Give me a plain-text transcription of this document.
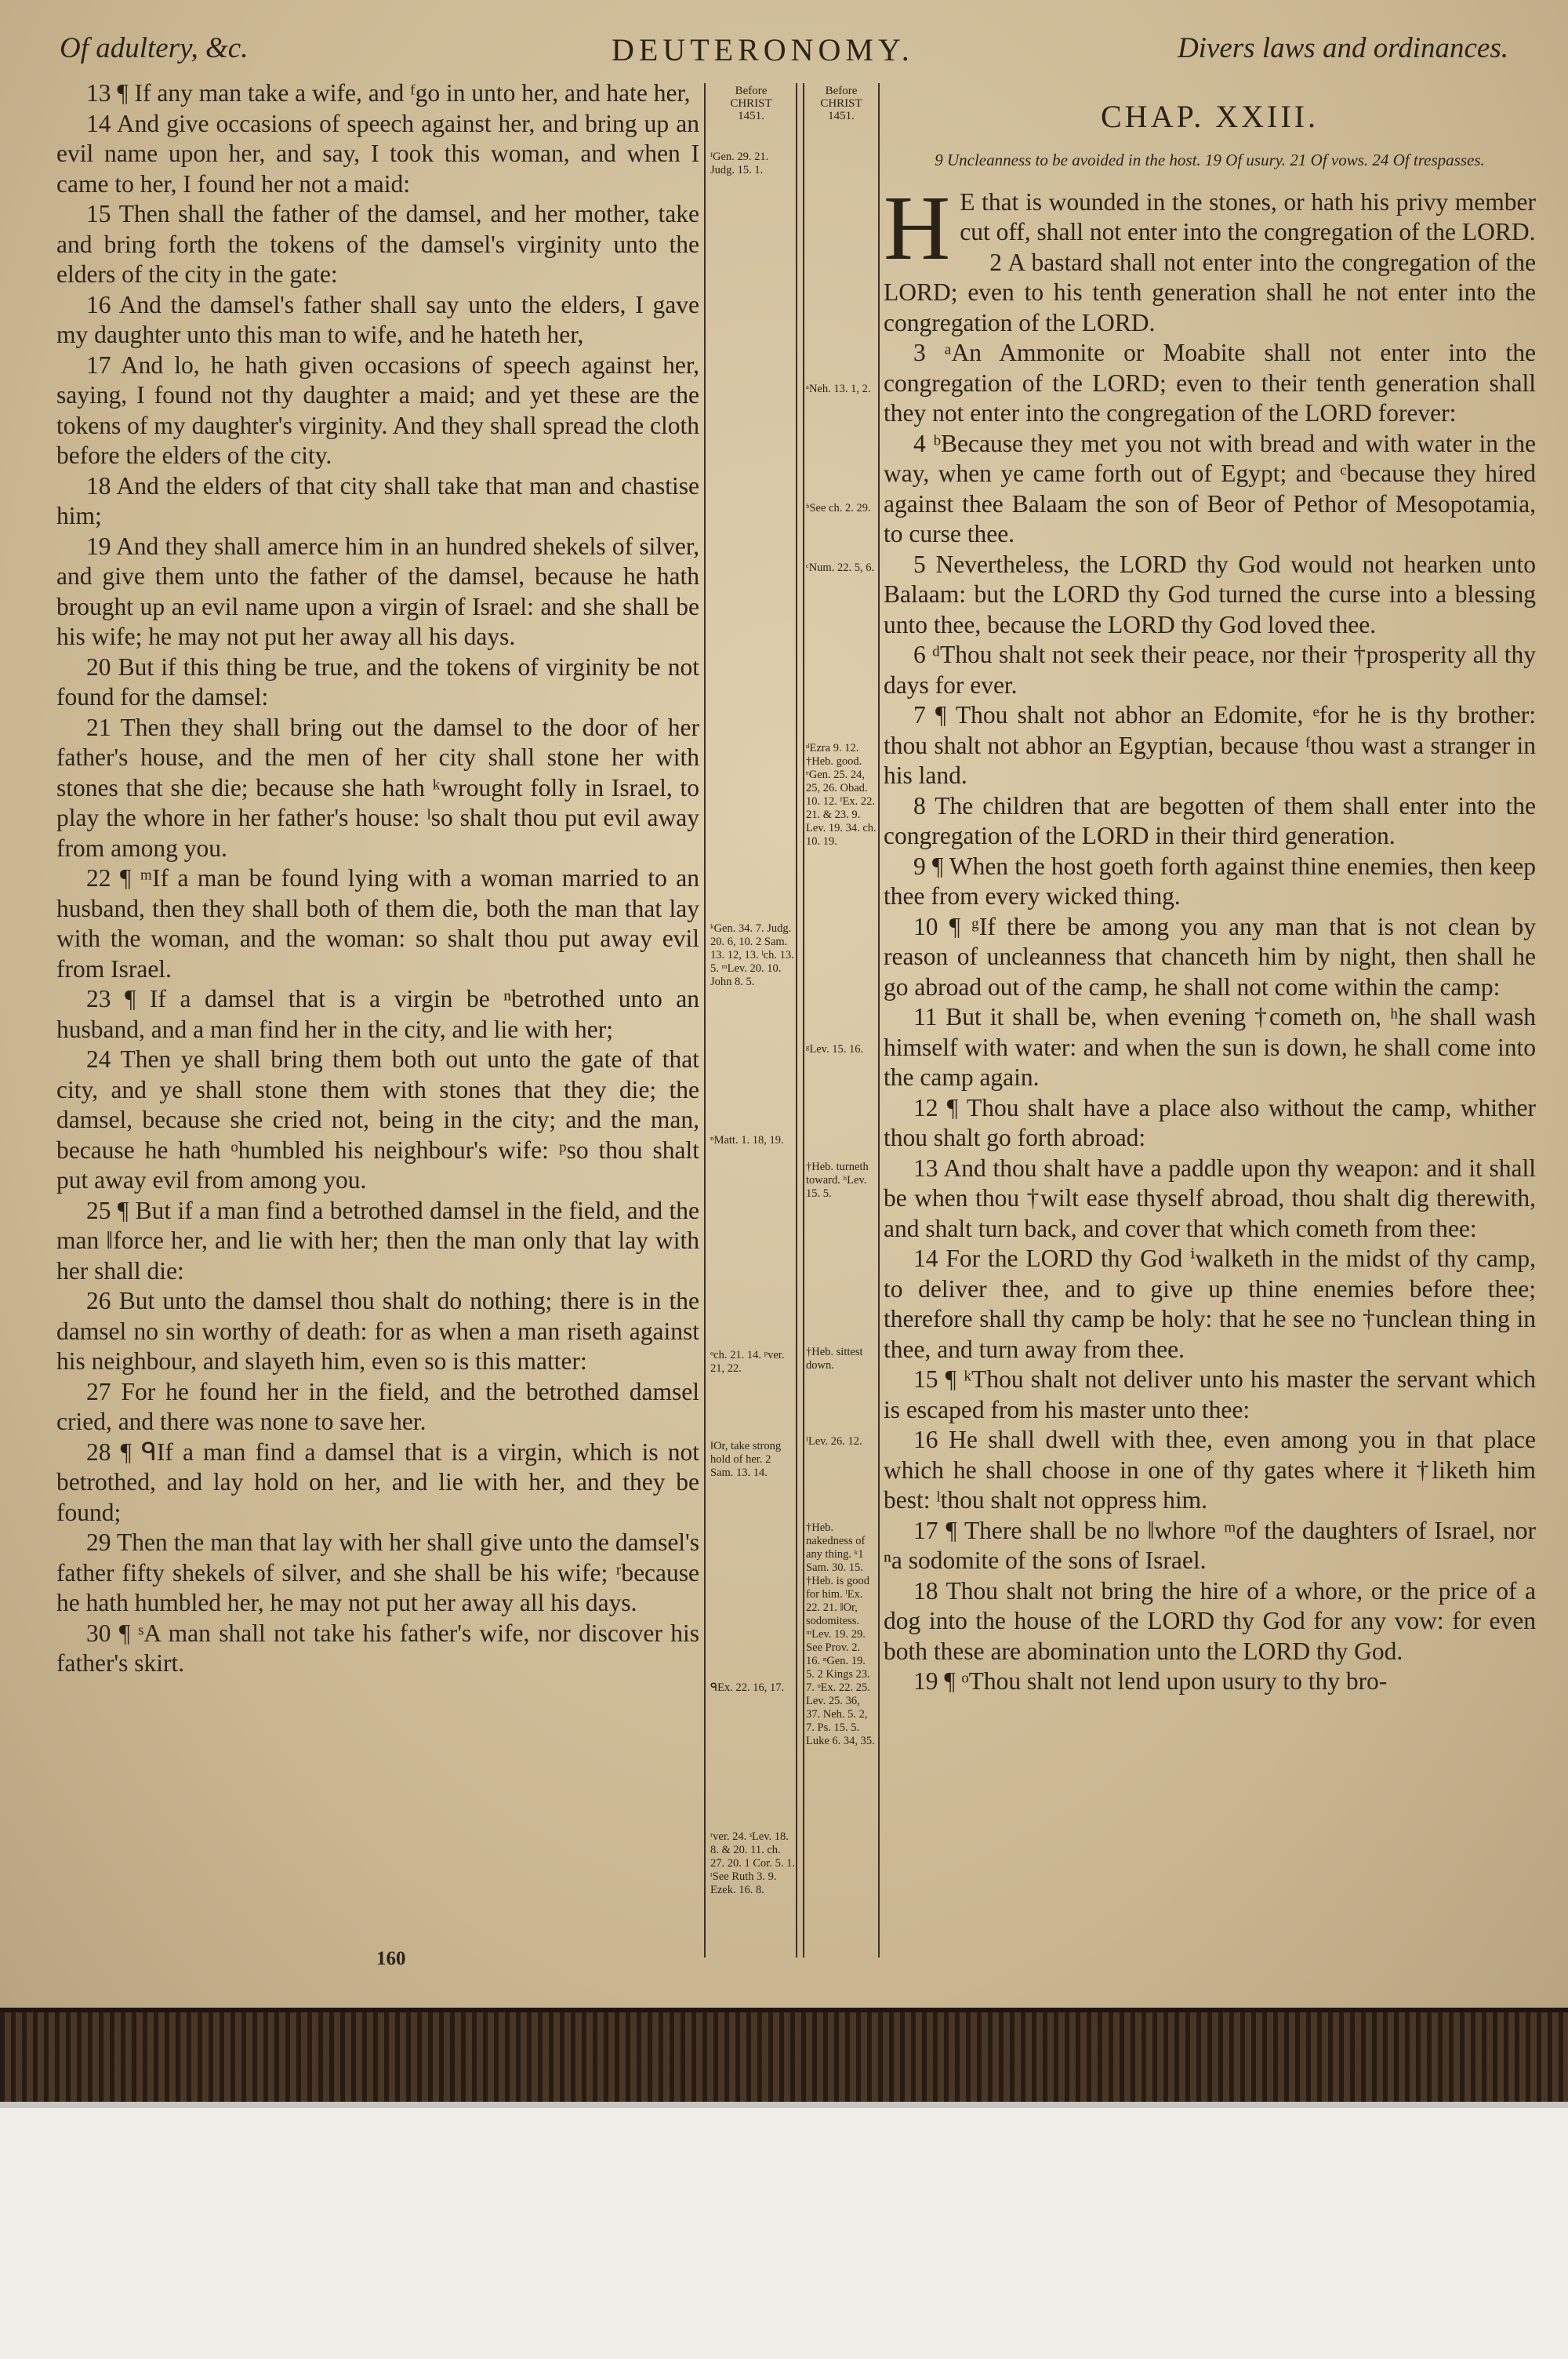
Of adultery, &c.	DEUTERONOMY.	Divers laws and ordinances.
Before
CHRIST
1451.
Before
CHRIST
1451.
ᶠGen. 29. 21. Judg. 15. 1.
ᵏGen. 34. 7. Judg. 20. 6, 10. 2 Sam. 13. 12, 13. ˡch. 13. 5. ᵐLev. 20. 10. John 8. 5.
ⁿMatt. 1. 18, 19.
ᵒch. 21. 14. ᵖver. 21, 22.
‖Or, take strong hold of her. 2 Sam. 13. 14.
ᑫEx. 22. 16, 17.
ʳver. 24. ˢLev. 18. 8. & 20. 11. ch. 27. 20. 1 Cor. 5. 1. ᵗSee Ruth 3. 9. Ezek. 16. 8.
ᵃNeh. 13. 1, 2.
ᵇSee ch. 2. 29.
ᶜNum. 22. 5, 6.
ᵈEzra 9. 12. †Heb. good. ᵉGen. 25. 24, 25, 26. Obad. 10. 12. ᶠEx. 22. 21. & 23. 9. Lev. 19. 34. ch. 10. 19.
ᵍLev. 15. 16.
†Heb. turneth toward. ʰLev. 15. 5.
†Heb. sittest down.
ⁱLev. 26. 12.
†Heb. nakedness of any thing. ᵏ1 Sam. 30. 15. †Heb. is good for him. ˡEx. 22. 21. ‖Or, sodomitess. ᵐLev. 19. 29. See Prov. 2. 16. ⁿGen. 19. 5. 2 Kings 23. 7. ᵒEx. 22. 25. Lev. 25. 36, 37. Neh. 5. 2, 7. Ps. 15. 5. Luke 6. 34, 35.

13 ¶ If any man take a wife, and ᶠgo in unto her, and hate her,

14 And give occasions of speech against her, and bring up an evil name upon her, and say, I took this woman, and when I came to her, I found her not a maid:

15 Then shall the father of the damsel, and her mother, take and bring forth the tokens of the damsel's virginity unto the elders of the city in the gate:

16 And the damsel's father shall say unto the elders, I gave my daughter unto this man to wife, and he hateth her,

17 And lo, he hath given occasions of speech against her, saying, I found not thy daughter a maid; and yet these are the tokens of my daughter's virginity. And they shall spread the cloth before the elders of the city.

18 And the elders of that city shall take that man and chastise him;

19 And they shall amerce him in an hundred shekels of silver, and give them unto the father of the damsel, because he hath brought up an evil name upon a virgin of Israel: and she shall be his wife; he may not put her away all his days.

20 But if this thing be true, and the tokens of virginity be not found for the damsel:

21 Then they shall bring out the damsel to the door of her father's house, and the men of her city shall stone her with stones that she die; because she hath ᵏwrought folly in Israel, to play the whore in her father's house: ˡso shalt thou put evil away from among you.

22 ¶ ᵐIf a man be found lying with a woman married to an husband, then they shall both of them die, both the man that lay with the woman, and the woman: so shalt thou put away evil from Israel.

23 ¶ If a damsel that is a virgin be ⁿbetrothed unto an husband, and a man find her in the city, and lie with her;

24 Then ye shall bring them both out unto the gate of that city, and ye shall stone them with stones that they die; the damsel, because she cried not, being in the city; and the man, because he hath ᵒhumbled his neighbour's wife: ᵖso thou shalt put away evil from among you.

25 ¶ But if a man find a betrothed damsel in the field, and the man ‖force her, and lie with her; then the man only that lay with her shall die:

26 But unto the damsel thou shalt do nothing; there is in the damsel no sin worthy of death: for as when a man riseth against his neighbour, and slayeth him, even so is this matter:

27 For he found her in the field, and the betrothed damsel cried, and there was none to save her.

28 ¶ ᑫIf a man find a damsel that is a virgin, which is not betrothed, and lay hold on her, and lie with her, and they be found;

29 Then the man that lay with her shall give unto the damsel's father fifty shekels of silver, and she shall be his wife; ʳbecause he hath humbled her, he may not put her away all his days.

30 ¶ ˢA man shall not take his father's wife, nor discover his father's skirt.

CHAP. XXIII.

9 Uncleanness to be avoided in the host. 19 Of usury. 21 Of vows. 24 Of trespasses.

H E that is wounded in the stones, or hath his privy member cut off, shall not enter into the congregation of the LORD.

2 A bastard shall not enter into the congregation of the LORD; even to his tenth generation shall he not enter into the congregation of the LORD.

3 ᵃAn Ammonite or Moabite shall not enter into the congregation of the LORD; even to their tenth generation shall they not enter into the congregation of the LORD forever:

4 ᵇBecause they met you not with bread and with water in the way, when ye came forth out of Egypt; and ᶜbecause they hired against thee Balaam the son of Beor of Pethor of Mesopotamia, to curse thee.

5 Nevertheless, the LORD thy God would not hearken unto Balaam: but the LORD thy God turned the curse into a blessing unto thee, because the LORD thy God loved thee.

6 ᵈThou shalt not seek their peace, nor their †prosperity all thy days for ever.

7 ¶ Thou shalt not abhor an Edomite, ᵉfor he is thy brother: thou shalt not abhor an Egyptian, because ᶠthou wast a stranger in his land.

8 The children that are begotten of them shall enter into the congregation of the LORD in their third generation.

9 ¶ When the host goeth forth against thine enemies, then keep thee from every wicked thing.

10 ¶ ᵍIf there be among you any man that is not clean by reason of uncleanness that chanceth him by night, then shall he go abroad out of the camp, he shall not come within the camp:

11 But it shall be, when evening †cometh on, ʰhe shall wash himself with water: and when the sun is down, he shall come into the camp again.

12 ¶ Thou shalt have a place also without the camp, whither thou shalt go forth abroad:

13 And thou shalt have a paddle upon thy weapon: and it shall be when thou †wilt ease thyself abroad, thou shalt dig therewith, and shalt turn back, and cover that which cometh from thee:

14 For the LORD thy God ⁱwalketh in the midst of thy camp, to deliver thee, and to give up thine enemies before thee; therefore shall thy camp be holy: that he see no †unclean thing in thee, and turn away from thee.

15 ¶ ᵏThou shalt not deliver unto his master the servant which is escaped from his master unto thee:

16 He shall dwell with thee, even among you in that place which he shall choose in one of thy gates where it †liketh him best: ˡthou shalt not oppress him.

17 ¶ There shall be no ‖whore ᵐof the daughters of Israel, nor ⁿa sodomite of the sons of Israel.

18 Thou shalt not bring the hire of a whore, or the price of a dog into the house of the LORD thy God for any vow: for even both these are abomination unto the LORD thy God.

19 ¶ ᵒThou shalt not lend upon usury to thy bro-

160
